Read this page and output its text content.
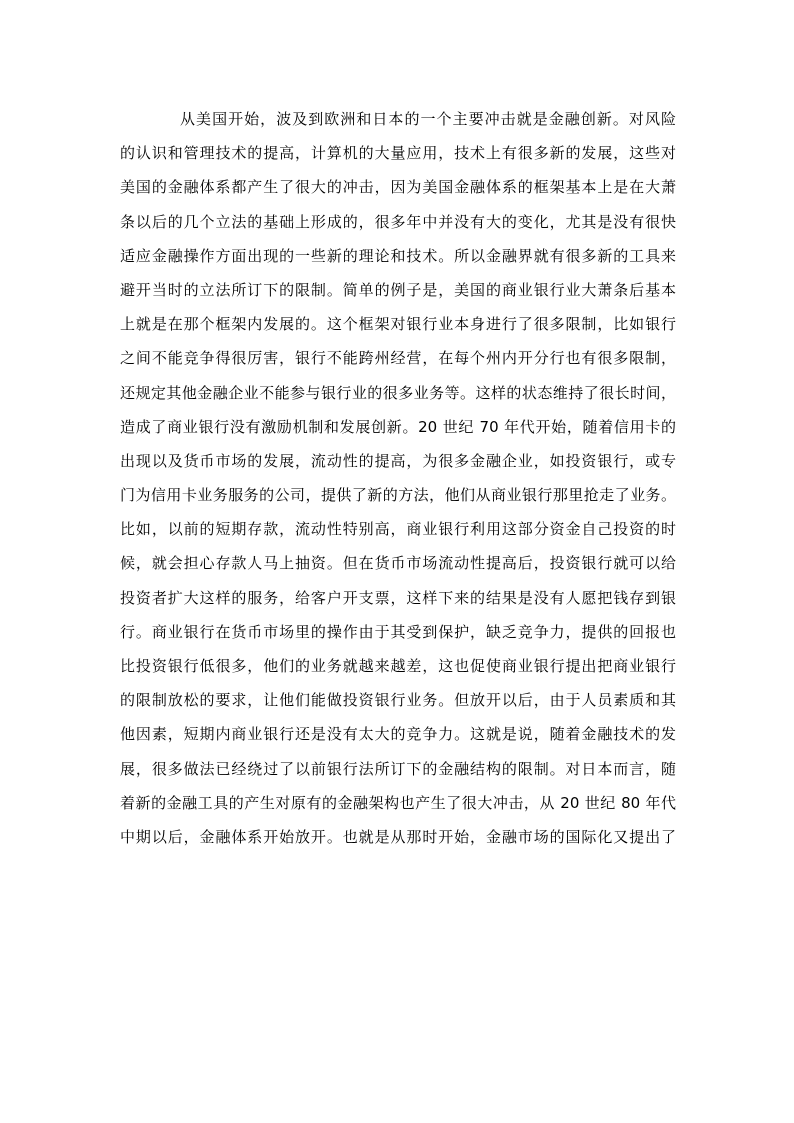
从美国开始，波及到欧洲和日本的一个主要冲击就是金融创新。对风险
的认识和管理技术的提高，计算机的大量应用，技术上有很多新的发展，这些对
美国的金融体系都产生了很大的冲击，因为美国金融体系的框架基本上是在大萧
条以后的几个立法的基础上形成的，很多年中并没有大的变化，尤其是没有很快
适应金融操作方面出现的一些新的理论和技术。所以金融界就有很多新的工具来
避开当时的立法所订下的限制。简单的例子是，美国的商业银行业大萧条后基本
上就是在那个框架内发展的。这个框架对银行业本身进行了很多限制，比如银行
之间不能竞争得很厉害，银行不能跨州经营，在每个州内开分行也有很多限制，
还规定其他金融企业不能参与银行业的很多业务等。这样的状态维持了很长时间，
造成了商业银行没有激励机制和发展创新。20 世纪 70 年代开始，随着信用卡的
出现以及货币市场的发展，流动性的提高，为很多金融企业，如投资银行，或专
门为信用卡业务服务的公司，提供了新的方法，他们从商业银行那里抢走了业务。
比如，以前的短期存款，流动性特别高，商业银行利用这部分资金自己投资的时
候，就会担心存款人马上抽资。但在货币市场流动性提高后，投资银行就可以给
投资者扩大这样的服务，给客户开支票，这样下来的结果是没有人愿把钱存到银
行。商业银行在货币市场里的操作由于其受到保护，缺乏竞争力，提供的回报也
比投资银行低很多，他们的业务就越来越差，这也促使商业银行提出把商业银行
的限制放松的要求，让他们能做投资银行业务。但放开以后，由于人员素质和其
他因素，短期内商业银行还是没有太大的竞争力。这就是说，随着金融技术的发
展，很多做法已经绕过了以前银行法所订下的金融结构的限制。对日本而言，随
着新的金融工具的产生对原有的金融架构也产生了很大冲击，从 20 世纪 80 年代
中期以后，金融体系开始放开。也就是从那时开始，金融市场的国际化又提出了
